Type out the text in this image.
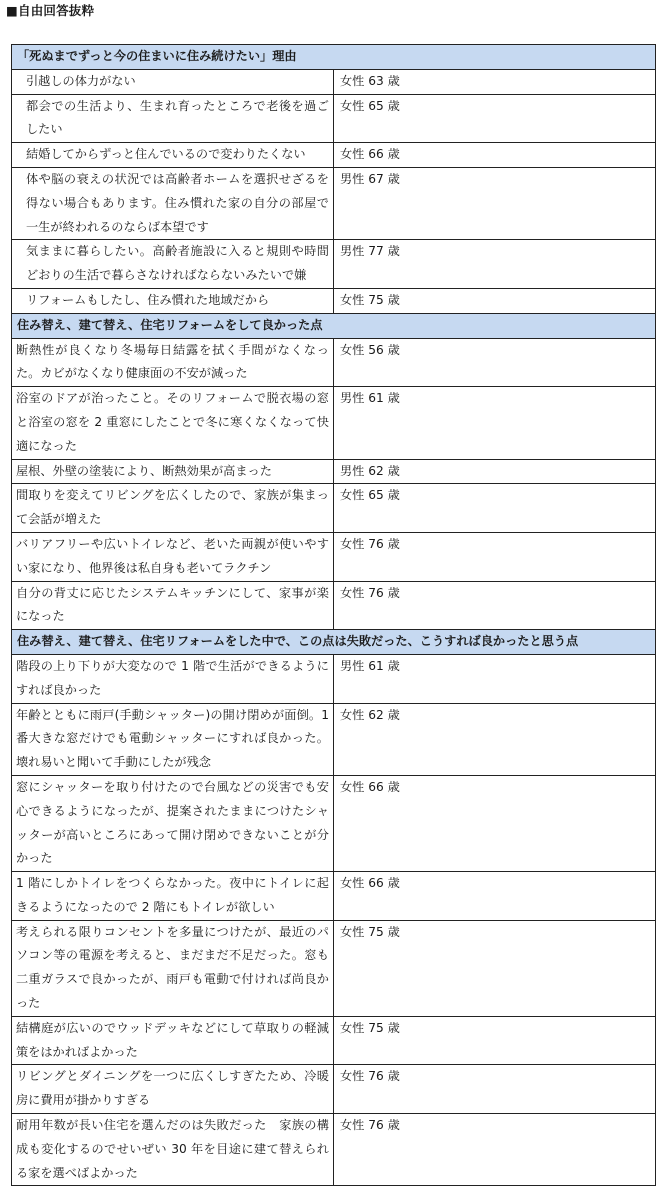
■自由回答抜粋
「死ぬまでずっと今の住まいに住み続けたい」理由	
引越しの体力がない	女性 63 歳
都会での生活より、生まれ育ったところで老後を過ごしたい	女性 65 歳
結婚してからずっと住んでいるので変わりたくない	女性 66 歳
体や脳の衰えの状況では高齢者ホームを選択せざるを得ない場合もあります。住み慣れた家の自分の部屋で一生が終われるのならば本望です	男性 67 歳
気ままに暮らしたい。高齢者施設に入ると規則や時間どおりの生活で暮らさなければならないみたいで嫌	男性 77 歳
リフォームもしたし、住み慣れた地域だから	女性 75 歳
住み替え、建て替え、住宅リフォームをして良かった点	
断熱性が良くなり冬場毎日結露を拭く手間がなくなった。カビがなくなり健康面の不安が減った	女性 56 歳
浴室のドアが治ったこと。そのリフォームで脱衣場の窓と浴室の窓を 2 重窓にしたことで冬に寒くなくなって快適になった	男性 61 歳
屋根、外壁の塗装により、断熱効果が高まった	男性 62 歳
間取りを変えてリビングを広くしたので、家族が集まって会話が増えた	女性 65 歳
バリアフリーや広いトイレなど、老いた両親が使いやすい家になり、他界後は私自身も老いてラクチン	女性 76 歳
自分の背丈に応じたシステムキッチンにして、家事が楽になった	女性 76 歳
住み替え、建て替え、住宅リフォームをした中で、この点は失敗だった、こうすれば良かったと思う点	
階段の上り下りが大変なので 1 階で生活ができるようにすれば良かった	男性 61 歳
年齢とともに雨戸(手動シャッター)の開け閉めが面倒。1 番大きな窓だけでも電動シャッターにすれば良かった。壊れ易いと聞いて手動にしたが残念	女性 62 歳
窓にシャッターを取り付けたので台風などの災害でも安心できるようになったが、提案されたままにつけたシャッターが高いところにあって開け閉めできないことが分かった	女性 66 歳
1 階にしかトイレをつくらなかった。夜中にトイレに起きるようになったので 2 階にもトイレが欲しい	女性 66 歳
考えられる限りコンセントを多量につけたが、最近のパソコン等の電源を考えると、まだまだ不足だった。窓も二重ガラスで良かったが、雨戸も電動で付ければ尚良かった	女性 75 歳
結構庭が広いのでウッドデッキなどにして草取りの軽減策をはかればよかった	女性 75 歳
リビングとダイニングを一つに広くしすぎたため、冷暖房に費用が掛かりすぎる	女性 76 歳
耐用年数が長い住宅を選んだのは失敗だった　家族の構成も変化するのでせいぜい 30 年を目途に建て替えられる家を選べばよかった	女性 76 歳
